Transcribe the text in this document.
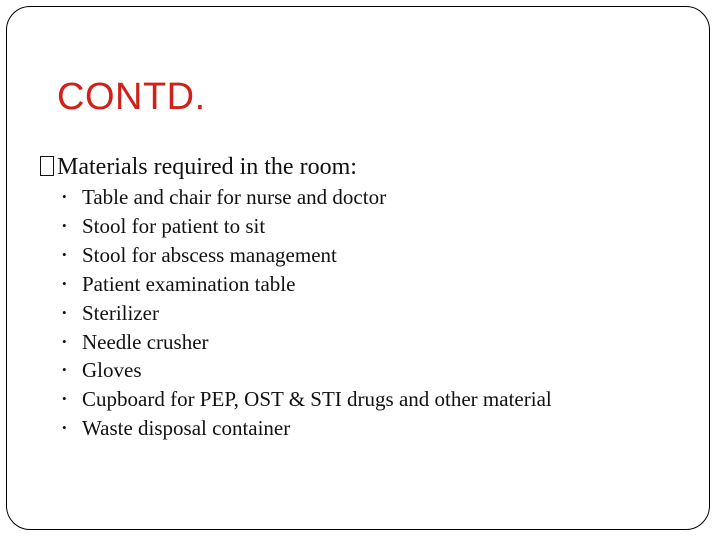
CONTD.
Materials required in the room:
• Table and chair for nurse and doctor
• Stool for patient to sit
• Stool for abscess management
• Patient examination table
• Sterilizer
• Needle crusher
• Gloves
• Cupboard for PEP, OST & STI drugs and other material
• Waste disposal container
